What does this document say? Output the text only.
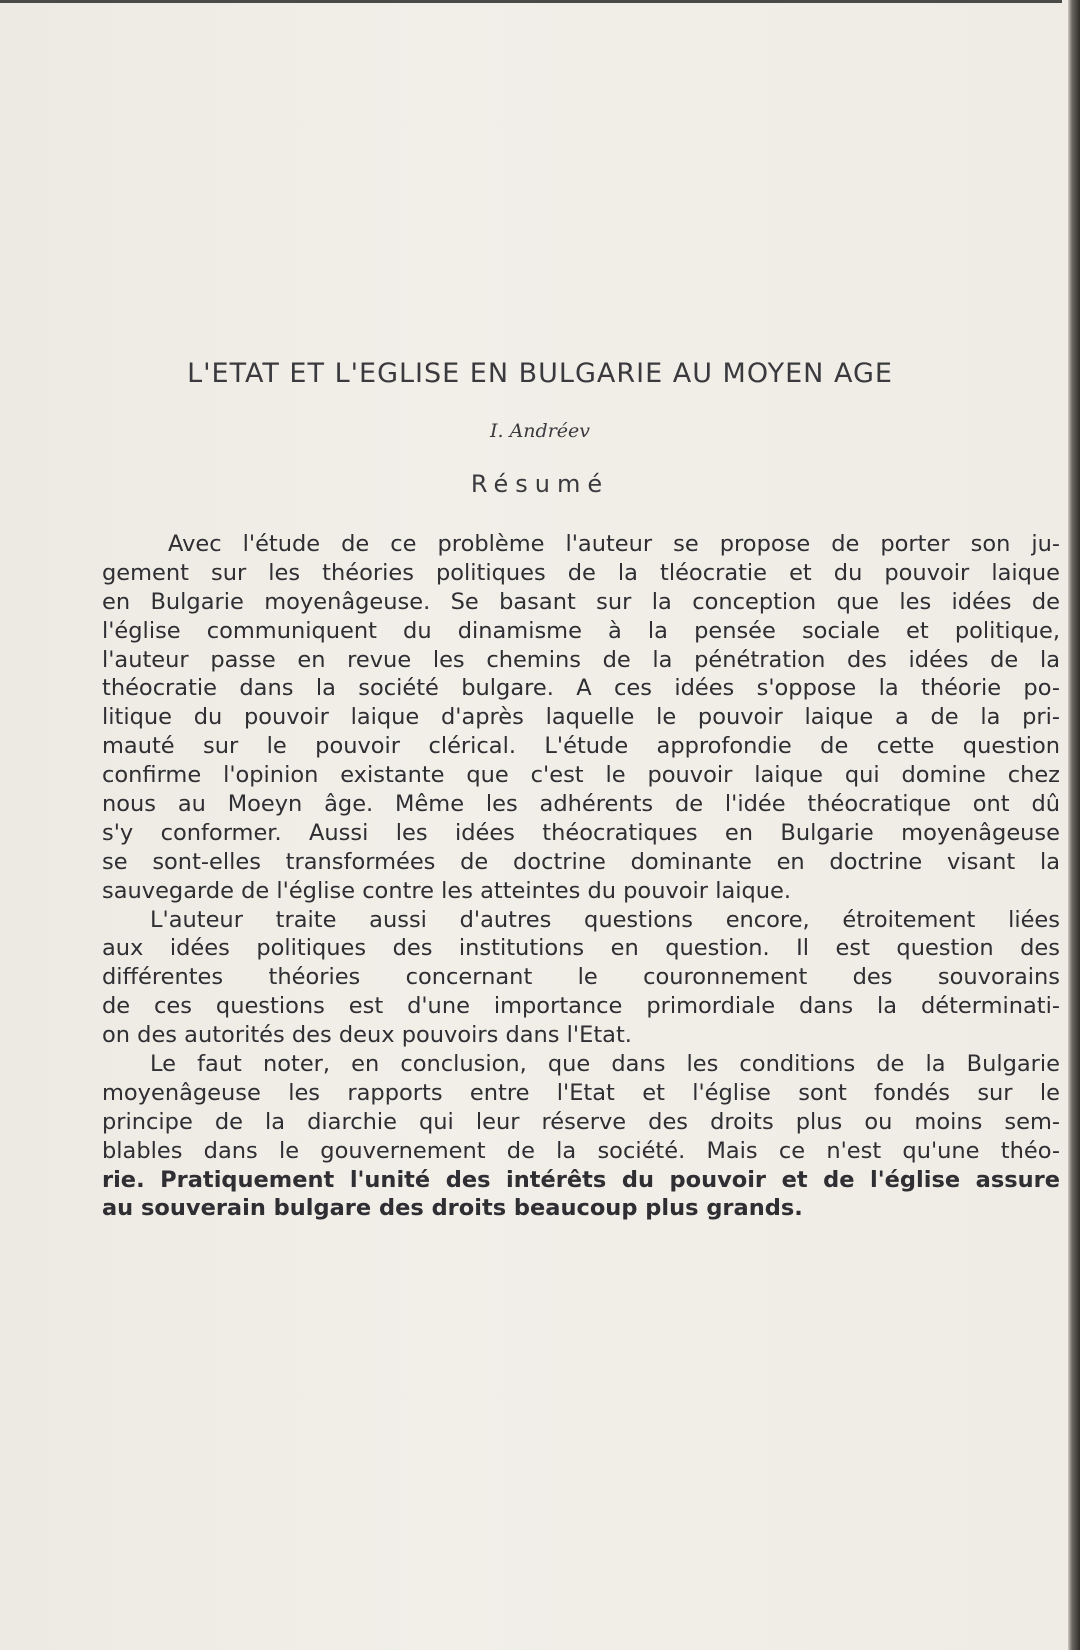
L'ETAT ET L'EGLISE EN BULGARIE AU MOYEN AGE
I. Andréev
Résumé
Avec l'étude de ce problème l'auteur se propose de porter son ju-
gement sur les théories politiques de la tléocratie et du pouvoir laique
en Bulgarie moyenâgeuse. Se basant sur la conception que les idées de
l'église communiquent du dinamisme à la pensée sociale et politique,
l'auteur passe en revue les chemins de la pénétration des idées de la
théocratie dans la société bulgare. A ces idées s'oppose la théorie po-
litique du pouvoir laique d'après laquelle le pouvoir laique a de la pri-
mauté sur le pouvoir clérical. L'étude approfondie de cette question
confirme l'opinion existante que c'est le pouvoir laique qui domine chez
nous au Moeyn âge. Même les adhérents de l'idée théocratique ont dû
s'y conformer. Aussi les idées théocratiques en Bulgarie moyenâgeuse
se sont-elles transformées de doctrine dominante en doctrine visant la
sauvegarde de l'église contre les atteintes du pouvoir laique.
L'auteur traite aussi d'autres questions encore, étroitement liées
aux idées politiques des institutions en question. Il est question des
différentes théories concernant le couronnement des souvorains
de ces questions est d'une importance primordiale dans la déterminati-
on des autorités des deux pouvoirs dans l'Etat.
Le faut noter, en conclusion, que dans les conditions de la Bulgarie
moyenâgeuse les rapports entre l'Etat et l'église sont fondés sur le
principe de la diarchie qui leur réserve des droits plus ou moins sem-
blables dans le gouvernement de la société. Mais ce n'est qu'une théo-
rie. Pratiquement l'unité des intérêts du pouvoir et de l'église assure
au souverain bulgare des droits beaucoup plus grands.
